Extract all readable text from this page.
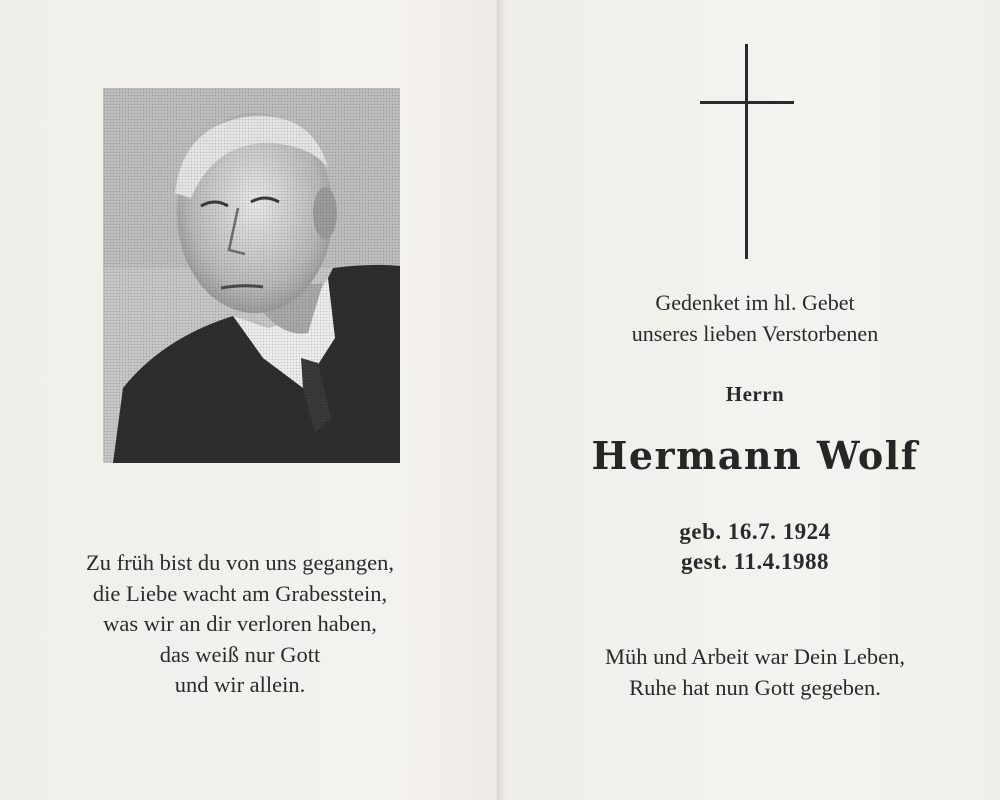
Zu früh bist du von uns gegangen,
die Liebe wacht am Grabesstein,
was wir an dir verloren haben,
das weiß nur Gott
und wir allein.
Gedenket im hl. Gebet
unseres lieben Verstorbenen
Herrn
Hermann Wolf
geb. 16.7. 1924
gest. 11.4.1988
Müh und Arbeit war Dein Leben,
Ruhe hat nun Gott gegeben.
